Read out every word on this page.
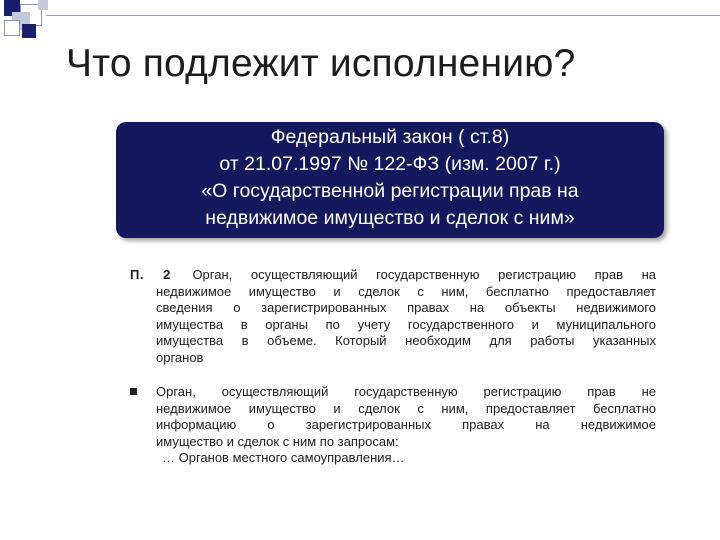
Что подлежит исполнению?
Федеральный закон ( ст.8)
от 21.07.1997 № 122-ФЗ (изм. 2007 г.)
«О государственной регистрации прав на
недвижимое имущество и сделок с ним»
П. 2 Орган, осуществляющий государственную регистрацию прав на
недвижимое имущество и сделок с ним, бесплатно предоставляет
сведения о зарегистрированных правах на объекты недвижимого
имущества в органы по учету государственного и муниципального
имущества в объеме. Который необходим для работы указанных
органов
Орган, осуществляющий государственную регистрацию прав не
недвижимое имущество и сделок с ним, предоставляет бесплатно
информацию о зарегистрированных правах на недвижимое
имущество и сделок с ним по запросам:
… Органов местного самоуправления…
